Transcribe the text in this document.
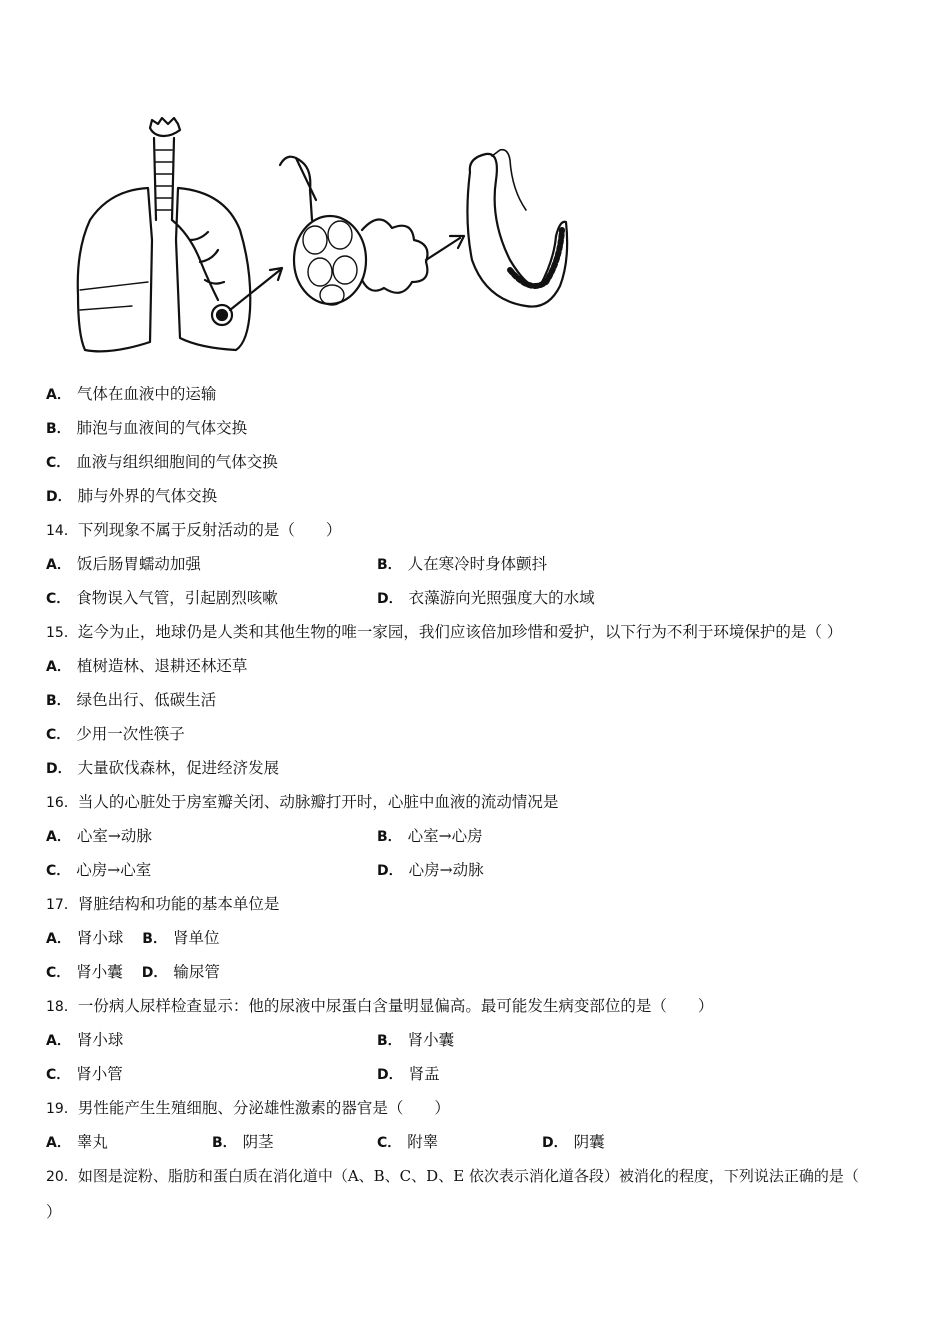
A． 气体在血液中的运输
B． 肺泡与血液间的气体交换
C． 血液与组织细胞间的气体交换
D． 肺与外界的气体交换
14．下列现象不属于反射活动的是（　　）
A． 饭后肠胃蠕动加强	B． 人在寒冷时身体颤抖
C． 食物误入气管，引起剧烈咳嗽	D． 衣藻游向光照强度大的水域
15．迄今为止，地球仍是人类和其他生物的唯一家园，我们应该倍加珍惜和爱护，以下行为不利于环境保护的是（ ）
A． 植树造林、退耕还林还草
B． 绿色出行、低碳生活
C． 少用一次性筷子
D． 大量砍伐森林，促进经济发展
16．当人的心脏处于房室瓣关闭、动脉瓣打开时，心脏中血液的流动情况是
A． 心室→动脉	B． 心室→心房
C． 心房→心室	D． 心房→动脉
17．肾脏结构和功能的基本单位是
A． 肾小球 B． 肾单位
C． 肾小囊 D． 输尿管
18．一份病人尿样检查显示：他的尿液中尿蛋白含量明显偏高。最可能发生病变部位的是（　　）
A． 肾小球	B． 肾小囊
C． 肾小管	D． 肾盂
19．男性能产生生殖细胞、分泌雄性激素的器官是（　　）
A． 睾丸	B． 阴茎	C． 附睾	D． 阴囊
20．如图是淀粉、脂肪和蛋白质在消化道中（A、B、C、D、E 依次表示消化道各段）被消化的程度，下列说法正确的是（
）
